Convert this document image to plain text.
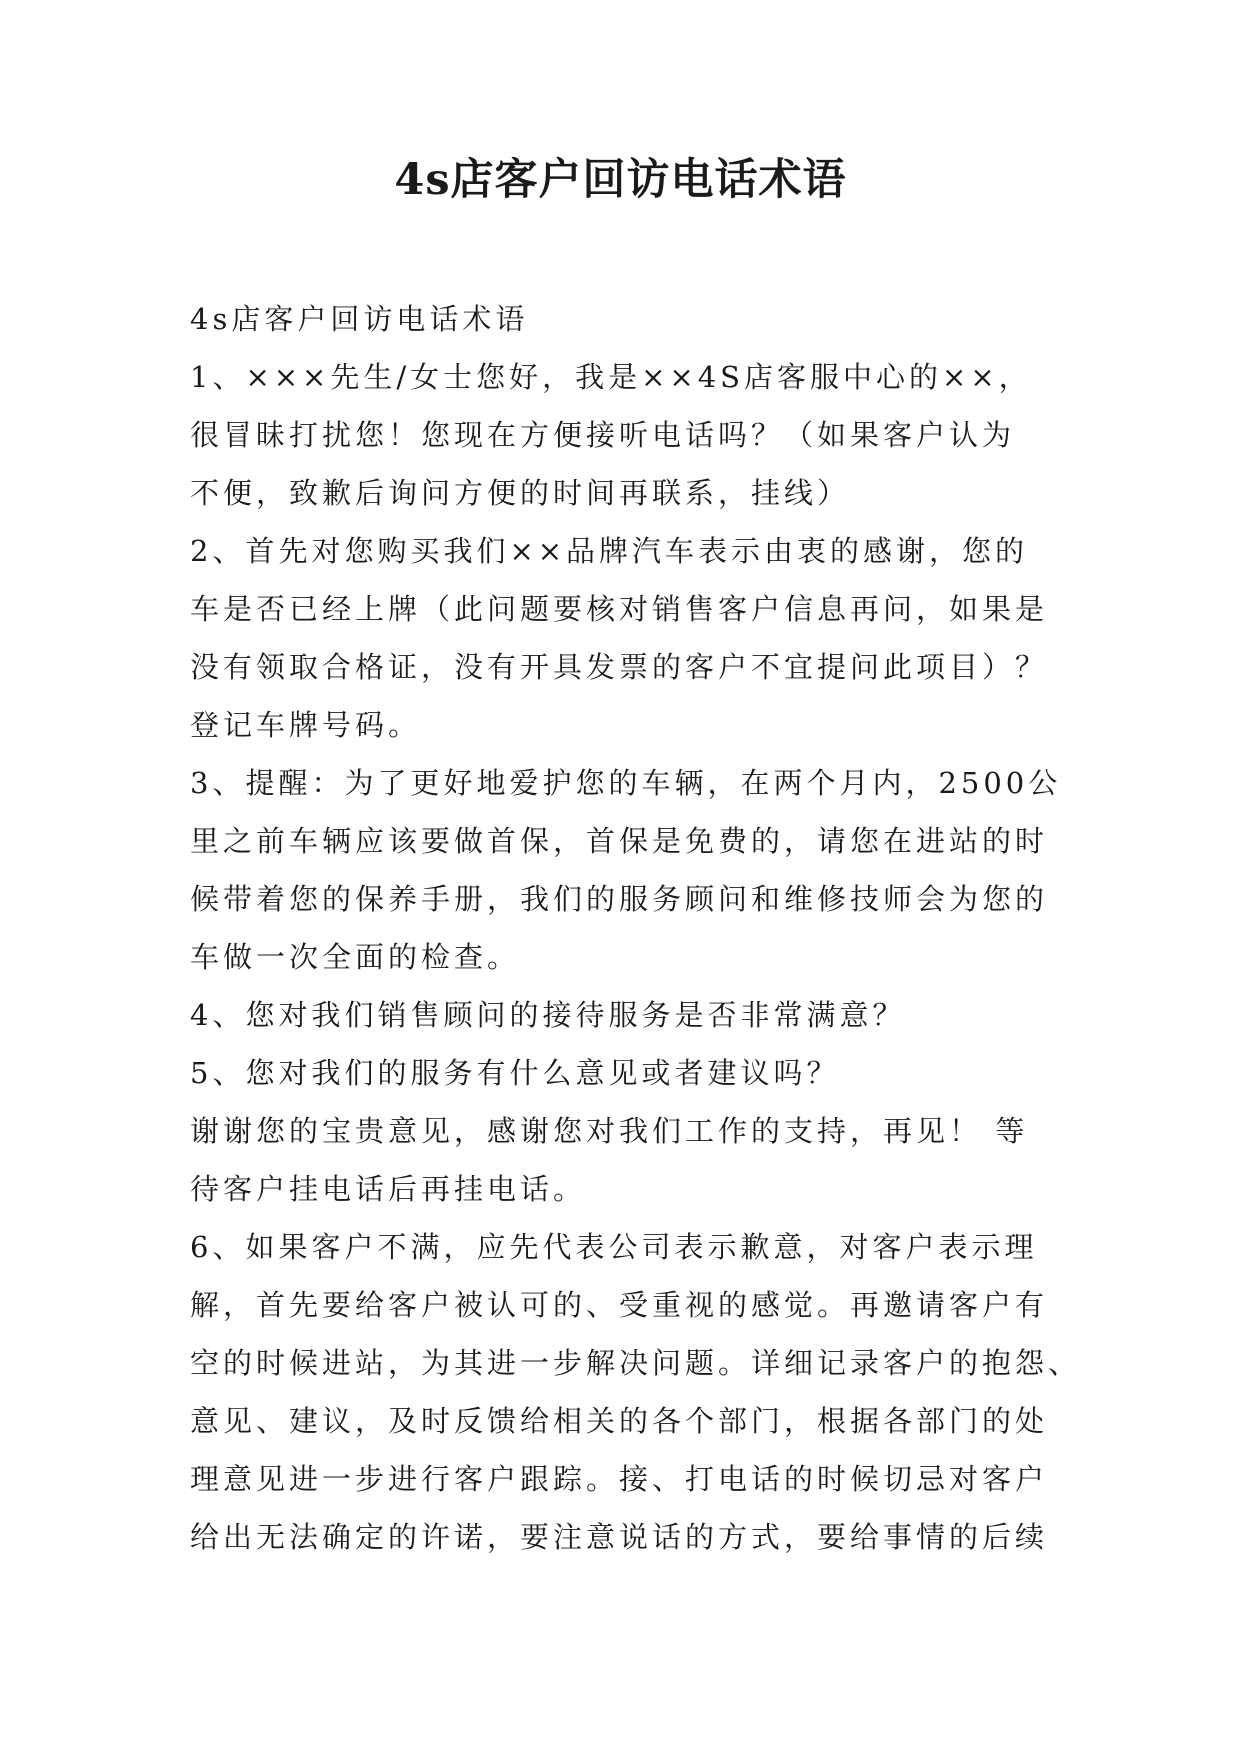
4s店客户回访电话术语
4s店客户回访电话术语
1、×××先生/女士您好，我是××4S店客服中心的××，
很冒昧打扰您！您现在方便接听电话吗？（如果客户认为
不便，致歉后询问方便的时间再联系，挂线）
2、首先对您购买我们××品牌汽车表示由衷的感谢，您的
车是否已经上牌（此问题要核对销售客户信息再问，如果是
没有领取合格证，没有开具发票的客户不宜提问此项目）？
登记车牌号码。
3、提醒：为了更好地爱护您的车辆，在两个月内，2500公
里之前车辆应该要做首保，首保是免费的，请您在进站的时
候带着您的保养手册，我们的服务顾问和维修技师会为您的
车做一次全面的检查。
4、您对我们销售顾问的接待服务是否非常满意？
5、您对我们的服务有什么意见或者建议吗？
谢谢您的宝贵意见，感谢您对我们工作的支持，再见！ 等
待客户挂电话后再挂电话。
6、如果客户不满，应先代表公司表示歉意，对客户表示理
解，首先要给客户被认可的、受重视的感觉。再邀请客户有
空的时候进站，为其进一步解决问题。详细记录客户的抱怨、
意见、建议，及时反馈给相关的各个部门，根据各部门的处
理意见进一步进行客户跟踪。接、打电话的时候切忌对客户
给出无法确定的许诺，要注意说话的方式，要给事情的后续
